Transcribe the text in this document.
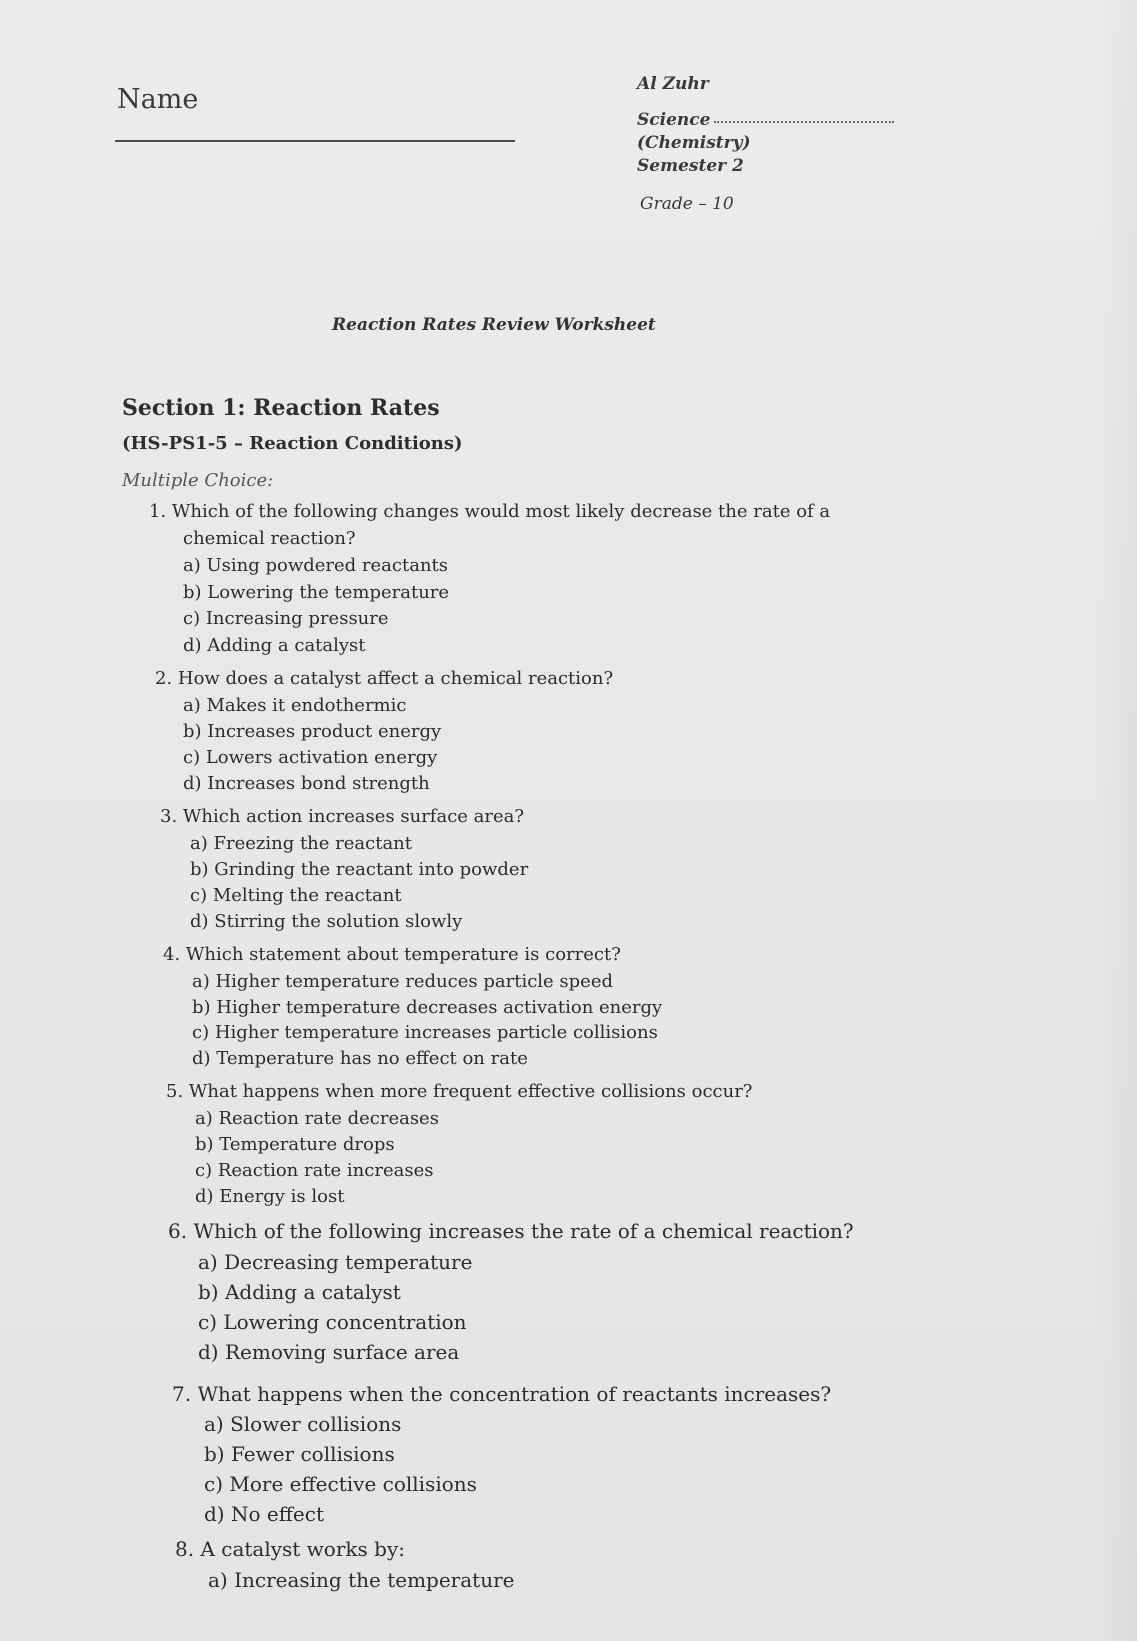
Name	Al Zuhr
Science
(Chemistry)
Semester 2
Grade – 10
Reaction Rates Review Worksheet
Section 1: Reaction Rates
(HS-PS1-5 – Reaction Conditions)
Multiple Choice:
1. Which of the following changes would most likely decrease the rate of a
chemical reaction?
a) Using powdered reactants
b) Lowering the temperature
c) Increasing pressure
d) Adding a catalyst
2. How does a catalyst affect a chemical reaction?
a) Makes it endothermic
b) Increases product energy
c) Lowers activation energy
d) Increases bond strength
3. Which action increases surface area?
a) Freezing the reactant
b) Grinding the reactant into powder
c) Melting the reactant
d) Stirring the solution slowly
4. Which statement about temperature is correct?
a) Higher temperature reduces particle speed
b) Higher temperature decreases activation energy
c) Higher temperature increases particle collisions
d) Temperature has no effect on rate
5. What happens when more frequent effective collisions occur?
a) Reaction rate decreases
b) Temperature drops
c) Reaction rate increases
d) Energy is lost
6. Which of the following increases the rate of a chemical reaction?
a) Decreasing temperature
b) Adding a catalyst
c) Lowering concentration
d) Removing surface area
7. What happens when the concentration of reactants increases?
a) Slower collisions
b) Fewer collisions
c) More effective collisions
d) No effect
8. A catalyst works by:
a) Increasing the temperature
